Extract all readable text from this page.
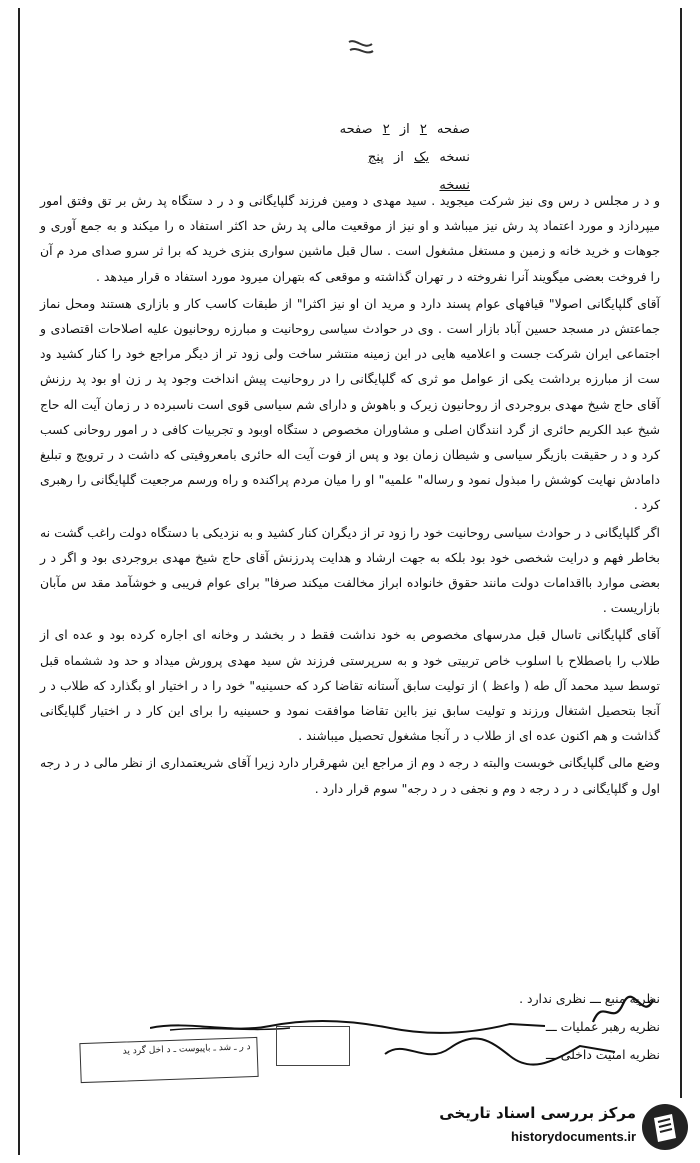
صفحه ۲ از ۲ صفحه
نسخه یک از پنج نسخه

و د ر مجلس د رس وی نیز شرکت میجوید . سید مهدی د ومین فرزند گلپایگانی و د ر د ستگاه پد رش بر تق وفتق امور میپردازد و مورد اعتماد پد رش نیز میباشد و او نیز از موقعیت مالی پد رش حد اکثر استفاد ه را میکند و به جمع آوری و جوهات و خرید خانه و زمین و مستغل مشغول است . سال قبل ماشین سواری بنزی خرید که برا ثر سرو صدای مرد م آن را فروخت بعضی میگویند آنرا نفروخته د ر تهران گذاشته و موقعی که بتهران میرود مورد استفاد ه قرار میدهد .

آقای گلپایگانی اصولا" قیافهای عوام پسند دارد و مرید ان او نیز اکثرا" از طبقات کاسب کار و بازاری هستند ومحل نماز جماعتش در مسجد حسین آباد بازار است . وی در حوادث سیاسی روحانیت و مبارزه روحانیون علیه اصلاحات اقتصادی و اجتماعی ایران شرکت جست و اعلامیه هایی در این زمینه منتشر ساخت ولی زود تر از دیگر مراجع خود را کنار کشید ود ست از مبارزه برداشت یکی از عوامل مو ثری که گلپایگانی را در روحانیت پیش انداخت وجود پد ر زن او بود پد رزنش آقای حاج شیخ مهدی بروجردی از روحانیون زیرک و باهوش و دارای شم سیاسی قوی است ناسبرده د ر زمان آیت اله حاج شیخ عبد الکریم حائری از گرد انندگان اصلی و مشاوران مخصوص د ستگاه اوبود و تجربیات کافی د ر امور روحانی کسب کرد و د ر حقیقت بازیگر سیاسی و شیطان زمان بود و پس از فوت آیت اله حائری بامعروفیتی که داشت د ر ترویج و تبلیغ دامادش نهایت کوشش را مبذول نمود و رساله" علمیه" او را میان مردم پراکنده و راه ورسم مرجعیت گلپایگانی را رهبری کرد .

اگر گلپایگانی د ر حوادث سیاسی روحانیت خود را زود تر از دیگران کنار کشید و به نزدیکی با دستگاه دولت راغب گشت نه بخاطر فهم و درایت شخصی خود بود بلکه به جهت ارشاد و هدایت پدرزنش آقای حاج شیخ مهدی بروجردی بود و اگر د ر بعضی موارد بااقدامات دولت مانند حقوق خانواده ابراز مخالفت میکند صرفا" برای عوام فریبی و خوشآمد مقد س مآبان بازاریست .

آقای گلپایگانی تاسال قبل مدرسهای مخصوص به خود نداشت فقط د ر بخشد ر وخانه ای اجاره کرده بود و عده ای از طلاب را باصطلاح با اسلوب خاص تربیتی خود و به سرپرستی فرزند ش سید مهدی پرورش میداد و حد ود ششماه قبل توسط سید محمد آل طه ( واعظ ) از تولیت سابق آستانه تقاضا کرد که حسینیه" خود را د ر اختیار او بگذارد که طلاب د ر آنجا بتحصیل اشتغال ورزند و تولیت سابق نیز بااین تقاضا موافقت نمود و حسینیه را برای این کار د ر اختیار گلپایگانی گذاشت و هم اکنون عده ای از طلاب د ر آنجا مشغول تحصیل میباشند .

وضع مالی گلپایگانی خوبست والبته د رجه د وم از مراجع این شهرقرار دارد زیرا آقای شریعتمداری از نظر مالی د ر د رجه اول و گلپایگانی د ر د رجه د وم و نجفی د ر د رجه" سوم قرار دارد .

نظریه منبع ـــ نظری ندارد .
نظریه رهبر عملیات ـــ
نظریه امنیت داخلی ـــ
د ر ـ شد ـ باپیوست ـ د اخل گرد ید
مرکز بررسی اسناد تاریخی
historydocuments.ir
